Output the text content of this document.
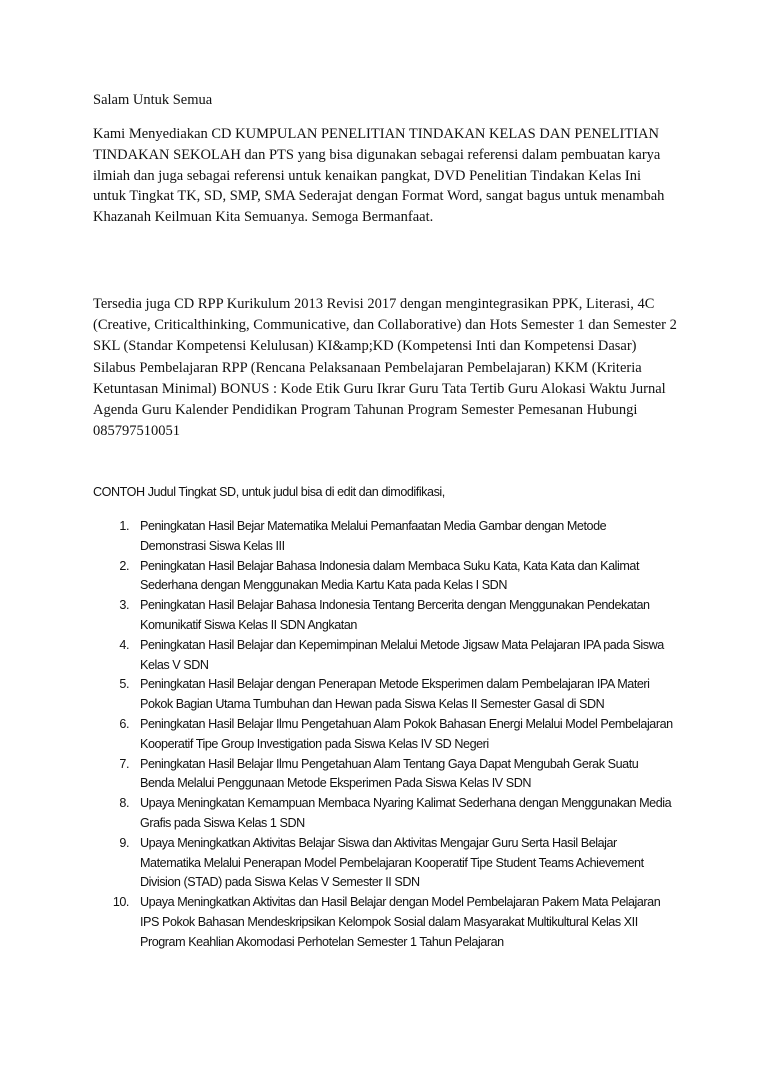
Salam Untuk Semua
Kami Menyediakan CD KUMPULAN PENELITIAN TINDAKAN KELAS DAN PENELITIAN TINDAKAN SEKOLAH dan PTS yang bisa digunakan sebagai referensi dalam pembuatan karya ilmiah dan juga sebagai referensi untuk kenaikan pangkat, DVD Penelitian Tindakan Kelas Ini untuk Tingkat TK, SD, SMP, SMA Sederajat dengan Format Word, sangat bagus untuk menambah Khazanah Keilmuan Kita Semuanya. Semoga Bermanfaat.
Tersedia juga CD RPP Kurikulum 2013 Revisi 2017 dengan mengintegrasikan PPK, Literasi, 4C (Creative, Criticalthinking, Communicative, dan Collaborative) dan Hots Semester 1 dan Semester 2 SKL (Standar Kompetensi Kelulusan) KI&amp;KD (Kompetensi Inti dan Kompetensi Dasar) Silabus Pembelajaran RPP (Rencana Pelaksanaan Pembelajaran Pembelajaran) KKM (Kriteria Ketuntasan Minimal) BONUS : Kode Etik Guru Ikrar Guru Tata Tertib Guru Alokasi Waktu Jurnal Agenda Guru Kalender Pendidikan Program Tahunan Program Semester Pemesanan Hubungi 085797510051
CONTOH Judul Tingkat SD, untuk judul bisa di edit dan dimodifikasi,
1. Peningkatan Hasil Bejar Matematika Melalui Pemanfaatan Media Gambar dengan Metode Demonstrasi Siswa Kelas III
2. Peningkatan Hasil Belajar Bahasa Indonesia dalam Membaca Suku Kata, Kata Kata dan Kalimat Sederhana dengan Menggunakan Media Kartu Kata pada Kelas I SDN
3. Peningkatan Hasil Belajar Bahasa Indonesia Tentang Bercerita dengan Menggunakan Pendekatan Komunikatif Siswa Kelas II SDN Angkatan
4. Peningkatan Hasil Belajar dan Kepemimpinan Melalui Metode Jigsaw Mata Pelajaran IPA pada Siswa Kelas V SDN
5. Peningkatan Hasil Belajar dengan Penerapan Metode Eksperimen dalam Pembelajaran IPA Materi Pokok Bagian Utama Tumbuhan dan Hewan pada Siswa Kelas II Semester Gasal di SDN
6. Peningkatan Hasil Belajar Ilmu Pengetahuan Alam Pokok Bahasan Energi Melalui Model Pembelajaran Kooperatif Tipe Group Investigation pada Siswa Kelas IV SD Negeri
7. Peningkatan Hasil Belajar Ilmu Pengetahuan Alam Tentang Gaya Dapat Mengubah Gerak Suatu Benda Melalui Penggunaan Metode Eksperimen Pada Siswa Kelas IV SDN
8. Upaya Meningkatan Kemampuan Membaca Nyaring Kalimat Sederhana dengan Menggunakan Media Grafis pada Siswa Kelas 1 SDN
9. Upaya Meningkatkan Aktivitas Belajar Siswa dan Aktivitas Mengajar Guru Serta Hasil Belajar Matematika Melalui Penerapan Model Pembelajaran Kooperatif Tipe Student Teams Achievement Division (STAD) pada Siswa Kelas V Semester II SDN
10. Upaya Meningkatkan Aktivitas dan Hasil Belajar dengan Model Pembelajaran Pakem Mata Pelajaran IPS Pokok Bahasan Mendeskripsikan Kelompok Sosial dalam Masyarakat Multikultural Kelas XII Program Keahlian Akomodasi Perhotelan Semester 1 Tahun Pelajaran
